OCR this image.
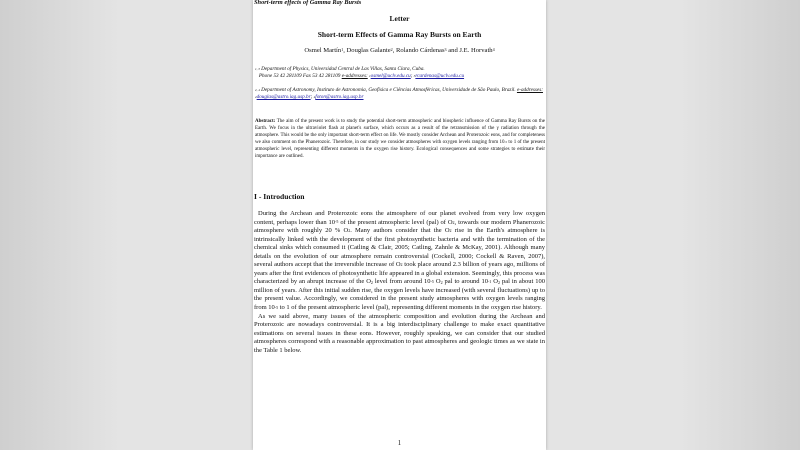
Short-term effects of Gamma Ray Bursts
Letter
Short-term Effects of Gamma Ray Bursts on Earth
Osmel Martín$^1$, Douglas Galante$^2$, Rolando Cárdenas$^3$ and J.E. Horvath$^4$
$^{1, 3}$ Department of Physics, Universidad Central de Las Villas, Santa Clara, Cuba.
Phone 53 42 281109 Fax 53 42 281109 e-addresses: $^1$osmel@uclv.edu.cu; $^3$rcardenas@uclv.edu.cu
$^{2, 4}$ Department of Astronomy, Instituto de Astronomia, Geofísica e Ciências Atmosféricas, Universidade de São Paulo, Brazil. e-addresses: $^2$douglas@astro.iag.usp.br; $^4$foton@astro.iag.usp.br
Abstract: The aim of the present work is to study the potential short-term atmospheric and biospheric influence of Gamma Ray Bursts on the Earth. We focus in the ultraviolet flash at planet's surface, which occurs as a result of the retransmission of the γ radiation through the atmosphere. This would be the only important short-term effect on life. We mostly consider Archean and Proterozoic eons, and for completeness we also comment on the Phanerozoic. Therefore, in our study we consider atmospheres with oxygen levels ranging from $10^{-5}$ to 1 of the present atmospheric level, representing different moments in the oxygen rise history. Ecological consequences and some strategies to estimate their importance are outlined.
I - Introduction

During the Archean and Proterozoic eons the atmosphere of our planet evolved from very low oxygen content, perhaps lower than $10^{-5}$ of the present atmospheric level (pal) of $O_2$, towards our modern Phanerozoic atmosphere with roughly 20 % $O_2$. Many authors consider that the $O_2$ rise in the Earth's atmosphere is intrinsically linked with the development of the first photosynthetic bacteria and with the termination of the chemical sinks which consumed it (Catling & Clair, 2005; Catling, Zahnle & McKay, 2001). Although many details on the evolution of our atmosphere remain controversial (Cockell, 2000; Cockell & Raven, 2007), several authors accept that the irreversible increase of $O_2$ took place around 2.3 billion of years ago, millions of years after the first evidences of photosynthetic life appeared in a global extension. Seemingly, this process was characterized by an abrupt increase of the $O_2$ level from around $10^{-5}$ $O_2$ pal to around $10^{-1}$ $O_2$ pal in about 100 million of years. After this initial sudden rise, the oxygen levels have increased (with several fluctuations) up to the present value. Accordingly, we considered in the present study atmospheres with oxygen levels ranging from $10^{-5}$ to 1 of the present atmospheric level (pal), representing different moments in the oxygen rise history.

As we said above, many issues of the atmospheric composition and evolution during the Archean and Proterozoic are nowadays controversial. It is a big interdisciplinary challenge to make exact quantitative estimations on several issues in these eons. However, roughly speaking, we can consider that our studied atmospheres correspond with a reasonable approximation to past atmospheres and geologic times as we state in the Table 1 below.

1
